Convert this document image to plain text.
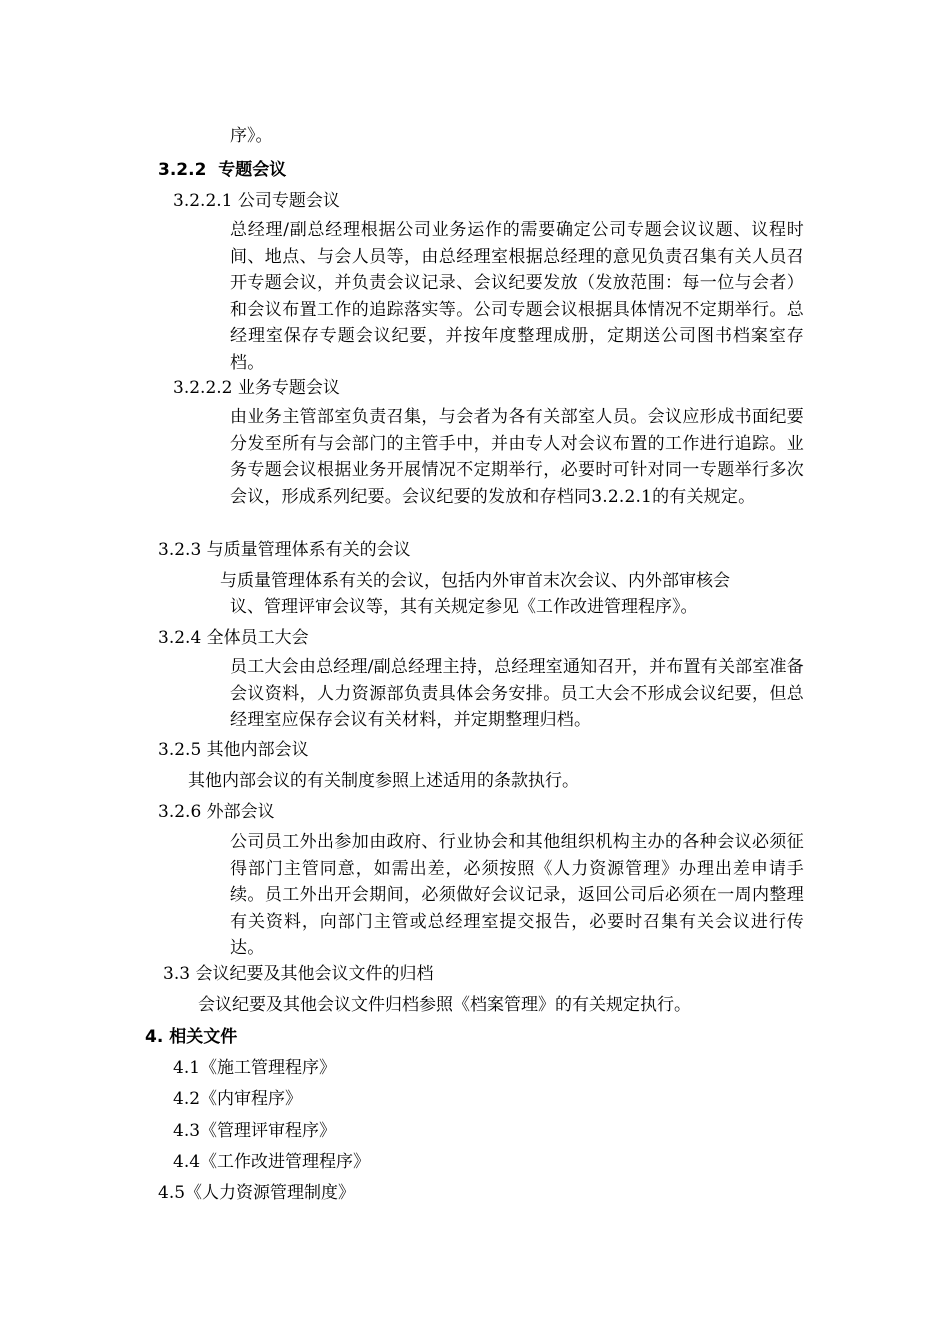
序》。
3.2.2 专题会议
3.2.2.1 公司专题会议
总经理/副总经理根据公司业务运作的需要确定公司专题会议议题、议程时间、地点、与会人员等，由总经理室根据总经理的意见负责召集有关人员召开专题会议，并负责会议记录、会议纪要发放（发放范围：每一位与会者）和会议布置工作的追踪落实等。公司专题会议根据具体情况不定期举行。总经理室保存专题会议纪要，并按年度整理成册，定期送公司图书档案室存档。
3.2.2.2 业务专题会议
由业务主管部室负责召集，与会者为各有关部室人员。会议应形成书面纪要分发至所有与会部门的主管手中，并由专人对会议布置的工作进行追踪。业务专题会议根据业务开展情况不定期举行，必要时可针对同一专题举行多次会议，形成系列纪要。会议纪要的发放和存档同3.2.2.1的有关规定。
3.2.3 与质量管理体系有关的会议
与质量管理体系有关的会议，包括内外审首末次会议、内外部审核会
议、管理评审会议等，其有关规定参见《工作改进管理程序》。
3.2.4 全体员工大会
员工大会由总经理/副总经理主持，总经理室通知召开，并布置有关部室准备会议资料，人力资源部负责具体会务安排。员工大会不形成会议纪要，但总经理室应保存会议有关材料，并定期整理归档。
3.2.5 其他内部会议
其他内部会议的有关制度参照上述适用的条款执行。
3.2.6 外部会议
公司员工外出参加由政府、行业协会和其他组织机构主办的各种会议必须征得部门主管同意，如需出差，必须按照《人力资源管理》办理出差申请手续。员工外出开会期间，必须做好会议记录，返回公司后必须在一周内整理有关资料，向部门主管或总经理室提交报告，必要时召集有关会议进行传达。
3.3 会议纪要及其他会议文件的归档
会议纪要及其他会议文件归档参照《档案管理》的有关规定执行。
4. 相关文件
4.1《施工管理程序》
4.2《内审程序》
4.3《管理评审程序》
4.4《工作改进管理程序》
4.5《人力资源管理制度》
